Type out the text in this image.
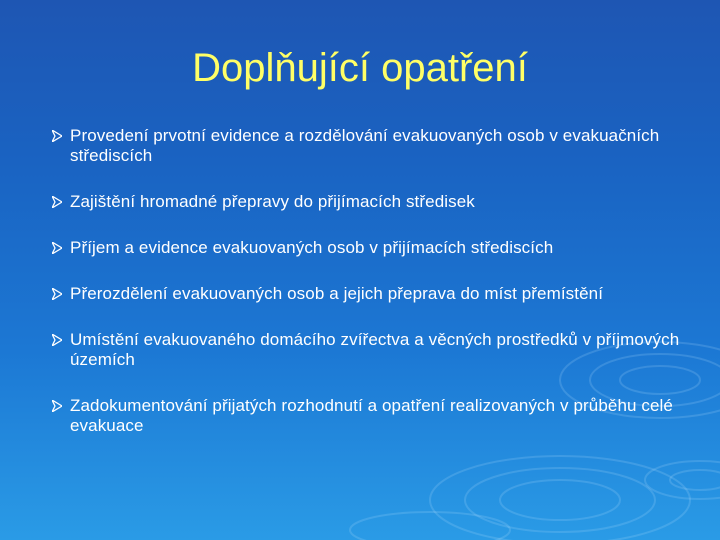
Doplňující opatření
Provedení prvotní evidence a rozdělování evakuovaných osob v evakuačních střediscích
Zajištění hromadné přepravy do přijímacích středisek
Příjem a evidence evakuovaných osob v přijímacích střediscích
Přerozdělení evakuovaných osob a jejich přeprava do míst přemístění
Umístění evakuovaného domácího zvířectva a věcných prostředků v příjmových územích
Zadokumentování přijatých rozhodnutí a opatření realizovaných v průběhu celé evakuace
